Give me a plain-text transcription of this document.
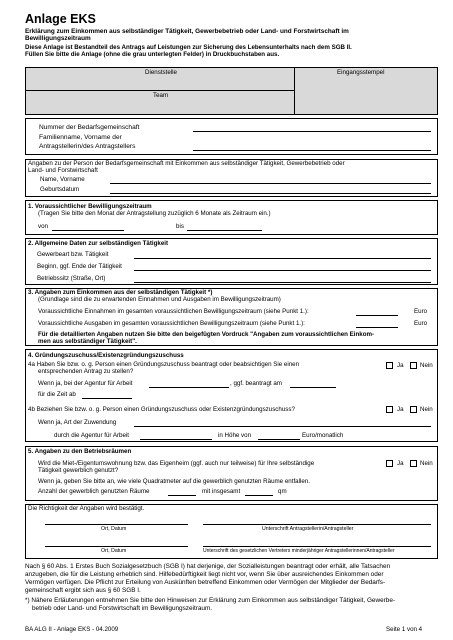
Anlage EKS
Erklärung zum Einkommen aus selbständiger Tätigkeit, Gewerbebetrieb oder Land- und Forstwirtschaft im
Bewilligungszeitraum
Diese Anlage ist Bestandteil des Antrags auf Leistungen zur Sicherung des Lebensunterhalts nach dem SGB II.
Füllen Sie bitte die Anlage (ohne die grau unterlegten Felder) in Druckbuchstaben aus.
Dienststelle	Eingangsstempel
Team
Nummer der Bedarfsgemeinschaft
Familienname, Vorname der
Antragstellerin/des Antragstellers
Angaben zu der Person der Bedarfsgemeinschaft mit Einkommen aus selbständiger Tätigkeit, Gewerbebetrieb oder
Land- und Forstwirtschaft
Name, Vorname
Geburtsdatum
1. Voraussichtlicher Bewilligungszeitraum
(Tragen Sie bitte den Monat der Antragstellung zuzüglich 6 Monate als Zeitraum ein.)
von	bis
2. Allgemeine Daten zur selbständigen Tätigkeit
Gewerbeart bzw. Tätigkeit
Beginn, ggf. Ende der Tätigkeit
Betriebssitz (Straße, Ort)
3. Angaben zum Einkommen aus der selbständigen Tätigkeit *)
(Grundlage sind die zu erwartenden Einnahmen und Ausgaben im Bewilligungszeitraum)
Voraussichtliche Einnahmen im gesamten voraussichtlichen Bewilligungszeitraum (siehe Punkt 1.):	Euro
Voraussichtliche Ausgaben im gesamten voraussichtlichen Bewilligungszeitraum (siehe Punkt 1.):	Euro
Für die detaillierten Angaben nutzen Sie bitte den beigefügten Vordruck "Angaben zum voraussichtlichen Einkom-
men aus selbständiger Tätigkeit".
4. Gründungszuschuss/Existenzgründungszuschuss
4a Haben Sie bzw. o. g. Person einen Gründungszuschuss beantragt oder beabsichtigen Sie einen
entsprechenden Antrag zu stellen?
Ja	Nein
Wenn ja, bei der Agentur für Arbeit	, ggf. beantragt am
für die Zeit ab
4b Beziehen Sie bzw. o. g. Person einen Gründungszuschuss oder Existenzgründungszuschuss?	Ja	Nein
Wenn ja, Art der Zuwendung
durch die Agentur für Arbeit	in Höhe von	Euro/monatlich
5. Angaben zu den Betriebsräumen
Wird die Miet-/Eigentumswohnung bzw. das Eigenheim (ggf. auch nur teilweise) für Ihre selbständige
Tätigkeit gewerblich genutzt?
Ja	Nein
Wenn ja, geben Sie bitte an, wie viele Quadratmeter auf die gewerblich genutzten Räume entfallen.
Anzahl der gewerblich genutzten Räume	mit insgesamt	qm
Die Richtigkeit der Angaben wird bestätigt.
Ort, Datum	Unterschrift Antragstellerin/Antragsteller
Ort, Datum	Unterschrift des gesetzlichen Vertreters minderjähriger Antragstellerinnen/Antragsteller
Nach § 60 Abs. 1 Erstes Buch Sozialgesetzbuch (SGB I) hat derjenige, der Sozialleistungen beantragt oder erhält, alle Tatsachen
anzugeben, die für die Leistung erheblich sind. Hilfebedürftigkeit liegt nicht vor, wenn Sie über ausreichendes Einkommen oder
Vermögen verfügen. Die Pflicht zur Erteilung von Auskünften betreffend Einkommen oder Vermögen der Mitglieder der Bedarfs-
gemeinschaft ergibt sich aus § 60 SGB I.
*) Nähere Erläuterungen entnehmen Sie bitte den Hinweisen zur Erklärung zum Einkommen aus selbständiger Tätigkeit, Gewerbe-
betrieb oder Land- und Forstwirtschaft im Bewilligungszeitraum.
BA ALG II - Anlage EKS - 04.2009	Seite 1 von 4
